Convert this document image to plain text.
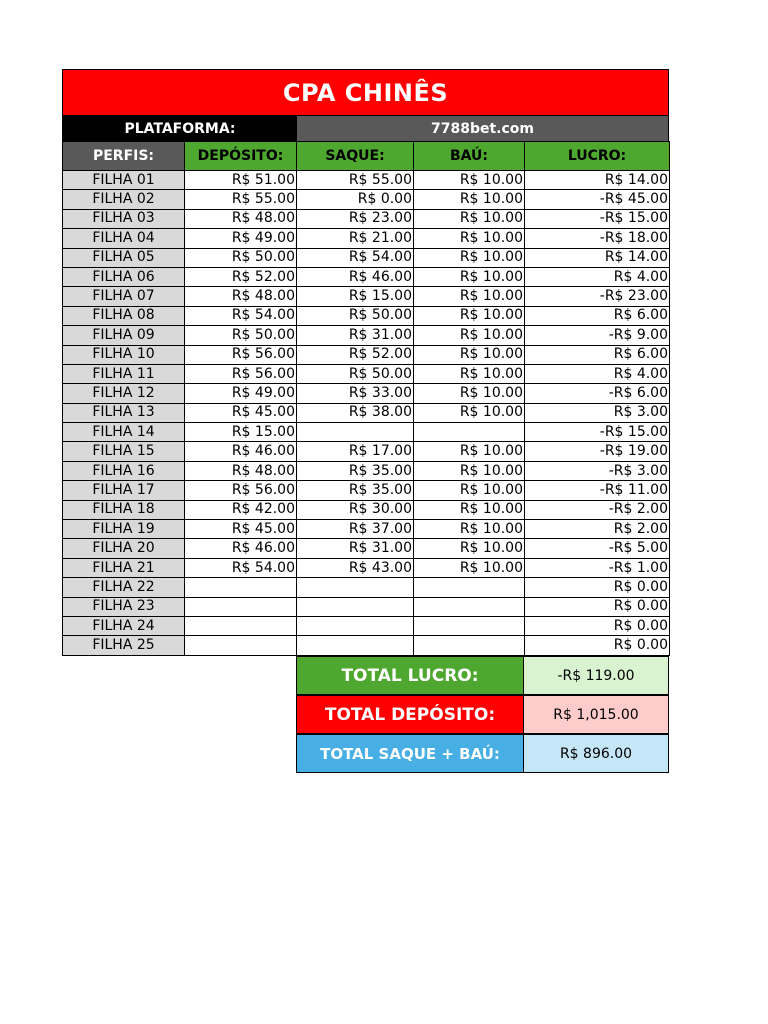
CPA CHINÊS
PLATAFORMA:	7788bet.com
PERFIS:	DEPÓSITO:	SAQUE:	BAÚ:	LUCRO:
FILHA 01	R$ 51.00	R$ 55.00	R$ 10.00	R$ 14.00
FILHA 02	R$ 55.00	R$ 0.00	R$ 10.00	-R$ 45.00
FILHA 03	R$ 48.00	R$ 23.00	R$ 10.00	-R$ 15.00
FILHA 04	R$ 49.00	R$ 21.00	R$ 10.00	-R$ 18.00
FILHA 05	R$ 50.00	R$ 54.00	R$ 10.00	R$ 14.00
FILHA 06	R$ 52.00	R$ 46.00	R$ 10.00	R$ 4.00
FILHA 07	R$ 48.00	R$ 15.00	R$ 10.00	-R$ 23.00
FILHA 08	R$ 54.00	R$ 50.00	R$ 10.00	R$ 6.00
FILHA 09	R$ 50.00	R$ 31.00	R$ 10.00	-R$ 9.00
FILHA 10	R$ 56.00	R$ 52.00	R$ 10.00	R$ 6.00
FILHA 11	R$ 56.00	R$ 50.00	R$ 10.00	R$ 4.00
FILHA 12	R$ 49.00	R$ 33.00	R$ 10.00	-R$ 6.00
FILHA 13	R$ 45.00	R$ 38.00	R$ 10.00	R$ 3.00
FILHA 14	R$ 15.00			-R$ 15.00
FILHA 15	R$ 46.00	R$ 17.00	R$ 10.00	-R$ 19.00
FILHA 16	R$ 48.00	R$ 35.00	R$ 10.00	-R$ 3.00
FILHA 17	R$ 56.00	R$ 35.00	R$ 10.00	-R$ 11.00
FILHA 18	R$ 42.00	R$ 30.00	R$ 10.00	-R$ 2.00
FILHA 19	R$ 45.00	R$ 37.00	R$ 10.00	R$ 2.00
FILHA 20	R$ 46.00	R$ 31.00	R$ 10.00	-R$ 5.00
FILHA 21	R$ 54.00	R$ 43.00	R$ 10.00	-R$ 1.00
FILHA 22				R$ 0.00
FILHA 23				R$ 0.00
FILHA 24				R$ 0.00
FILHA 25				R$ 0.00
TOTAL LUCRO:	-R$ 119.00
TOTAL DEPÓSITO:	R$ 1,015.00
TOTAL SAQUE + BAÚ:	R$ 896.00
